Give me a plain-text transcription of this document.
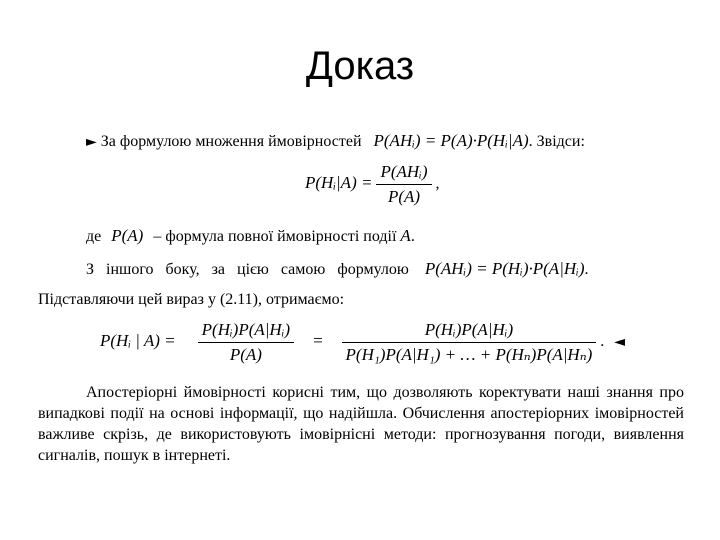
Доказ
► За формулою множення ймовірностей P(AHᵢ) = P(A)·P(Hᵢ|A). Звідси:
P(Hᵢ|A) = $\frac{\text{P(AHᵢ)}}{P(A)}$ ,
де P(A) – формула повної ймовірності події A.
З іншого боку, за цією самою формулою P(AHᵢ) = P(Hᵢ)·P(A|Hᵢ).
Підставляючи цей вираз у (2.11), отримаємо:
P(Hᵢ | $A) = \frac{\text{P(Hᵢ)P(A|Hᵢ)}}{P(A)} = \frac{\text{P(Hᵢ)P(A|Hᵢ)}}{\text{P(H₁)P(A|H₁) + … + P(Hₙ)P(A|Hₙ)}}$ . ◄
Апостеріорні ймовірності корисні тим, що дозволяють коректувати наші знання про випадкові події на основі інформації, що надійшла. Обчислення апостеріорних імовірностей важливе скрізь, де використовують імовірнісні методи: прогнозування погоди, виявлення сигналів, пошук в інтернеті.
